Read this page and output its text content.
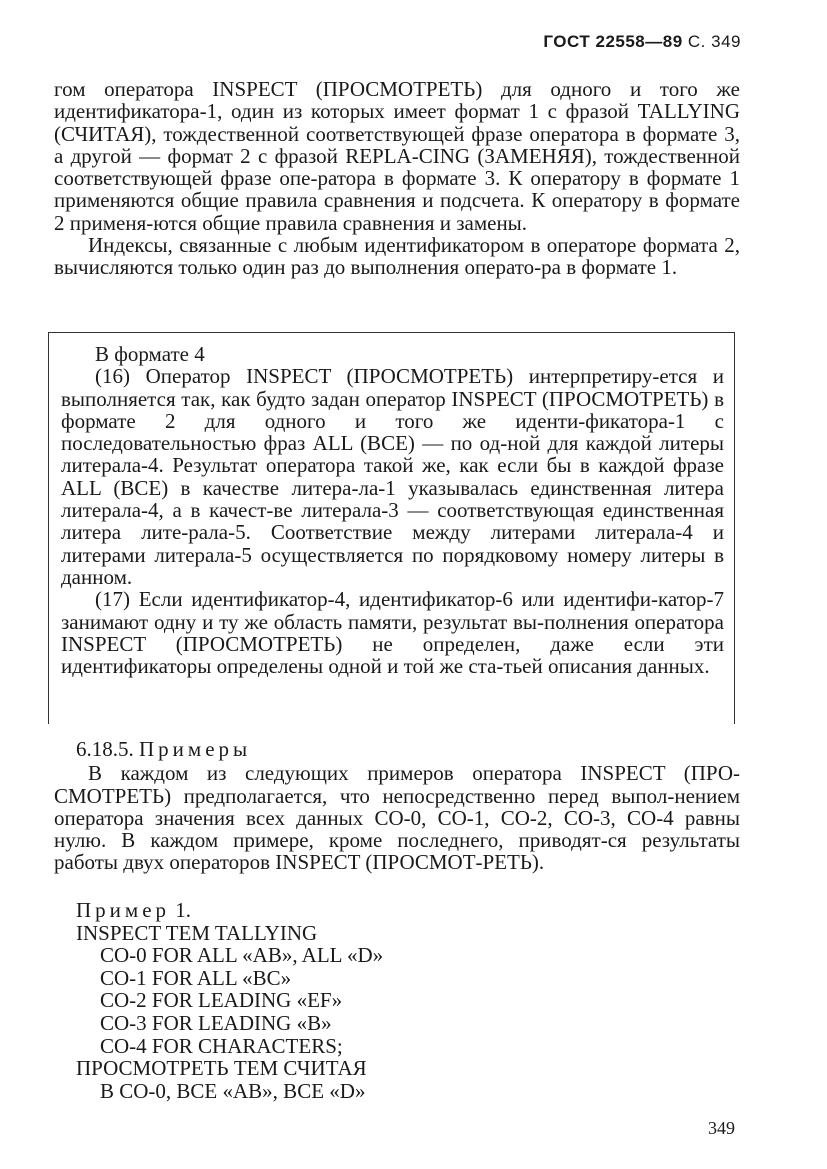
ГОСТ 22558—89 С. 349

гом оператора INSPECT (ПРОСМОТРЕТЬ) для одного и того же идентификатора-1, один из которых имеет формат 1 с фразой TALLYING (СЧИТАЯ), тождественной соответствующей фразе оператора в формате 3, а другой — формат 2 с фразой REPLA-CING (ЗАМЕНЯЯ), тождественной соответствующей фразе опе-ратора в формате 3. К оператору в формате 1 применяются общие правила сравнения и подсчета. К оператору в формате 2 применя-ются общие правила сравнения и замены.

Индексы, связанные с любым идентификатором в операторе формата 2, вычисляются только один раз до выполнения операто-ра в формате 1.

В формате 4

(16) Оператор INSPECT (ПРОСМОТРЕТЬ) интерпретиру-ется и выполняется так, как будто задан оператор INSPECT (ПРОСМОТРЕТЬ) в формате 2 для одного и того же иденти-фикатора-1 с последовательностью фраз ALL (ВСЕ) — по од-ной для каждой литеры литерала-4. Результат оператора такой же, как если бы в каждой фразе ALL (ВСЕ) в качестве литера-ла-1 указывалась единственная литера литерала-4, а в качест-ве литерала-3 — соответствующая единственная литера лите-рала-5. Соответствие между литерами литерала-4 и литерами литерала-5 осуществляется по порядковому номеру литеры в данном.

(17) Если идентификатор-4, идентификатор-6 или идентифи-катор-7 занимают одну и ту же область памяти, результат вы-полнения оператора INSPECT (ПРОСМОТРЕТЬ) не определен, даже если эти идентификаторы определены одной и той же ста-тьей описания данных.

6.18.5. Примеры

В каждом из следующих примеров оператора INSPECT (ПРО-СМОТРЕТЬ) предполагается, что непосредственно перед выпол-нением оператора значения всех данных СО-0, СО-1, СО-2, СО-3, СО-4 равны нулю. В каждом примере, кроме последнего, приводят-ся результаты работы двух операторов INSPECT (ПРОСМОТ-РЕТЬ).

Пример 1.

INSPECT TEM TALLYING

CO-0 FOR ALL «AB», ALL «D»

CO-1 FOR ALL «BC»

CO-2 FOR LEADING «EF»

CO-3 FOR LEADING «B»

CO-4 FOR CHARACTERS;

ПРОСМОТРЕТЬ ТЕМ СЧИТАЯ

В СО-0, ВСЕ «АВ», ВСЕ «D»

349
